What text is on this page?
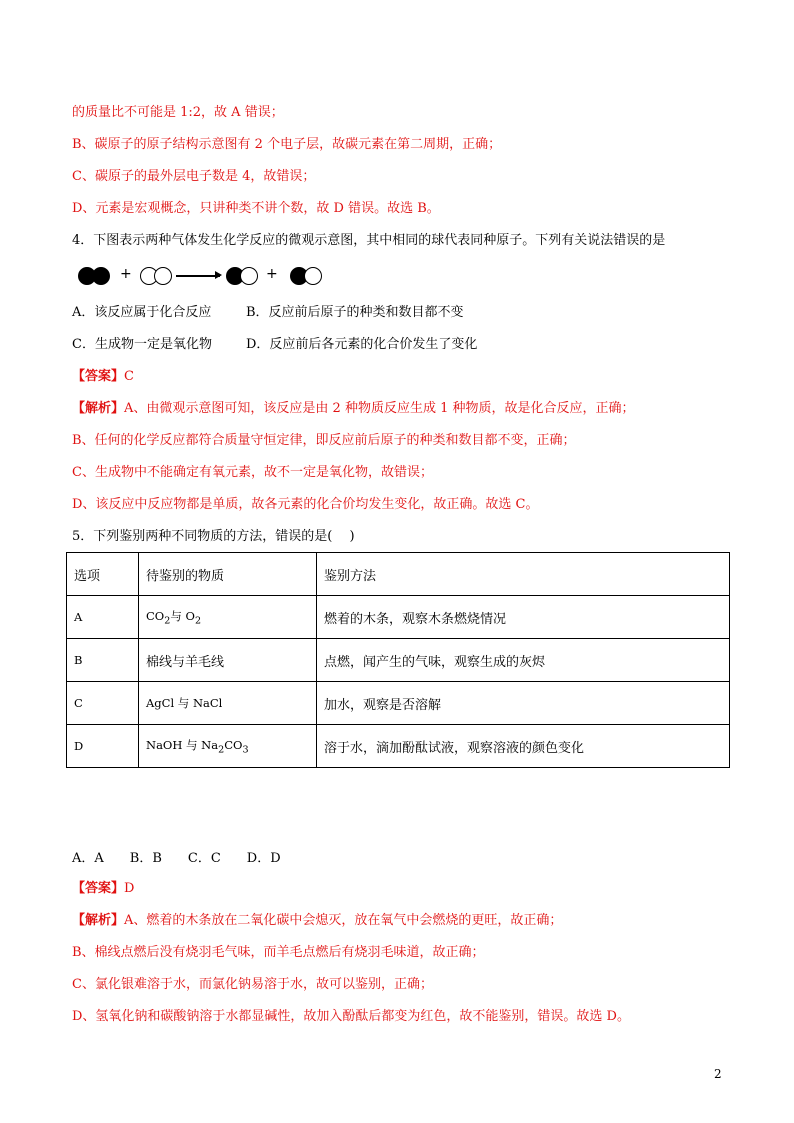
的质量比不可能是 1:2，故 A 错误；
B、碳原子的原子结构示意图有 2 个电子层，故碳元素在第二周期，正确；
C、碳原子的最外层电子数是 4，故错误；
D、元素是宏观概念，只讲种类不讲个数，故 D 错误。故选 B。
4．下图表示两种气体发生化学反应的微观示意图，其中相同的球代表同种原子。下列有关说法错误的是
+	+
A．该反应属于化合反应	B．反应前后原子的种类和数目都不变
C．生成物一定是氧化物	D．反应前后各元素的化合价发生了变化
【答案】C
【解析】A、由微观示意图可知，该反应是由 2 种物质反应生成 1 种物质，故是化合反应，正确；
B、任何的化学反应都符合质量守恒定律，即反应前后原子的种类和数目都不变，正确；
C、生成物中不能确定有氧元素，故不一定是氧化物，故错误；
D、该反应中反应物都是单质，故各元素的化合价均发生变化，故正确。故选 C。
5．下列鉴别两种不同物质的方法，错误的是(　 )
选项	待鉴别的物质	鉴别方法
A	$CO_2$与 $O_2$	燃着的木条，观察木条燃烧情况
B	棉线与羊毛线	点燃，闻产生的气味，观察生成的灰烬
C	AgCl 与 NaCl	加水，观察是否溶解
D	NaOH 与 $Na_2CO_3$	溶于水，滴加酚酞试液，观察溶液的颜色变化
A．A　　B．B　　C．C　　D．D
【答案】D
【解析】A、燃着的木条放在二氧化碳中会熄灭，放在氧气中会燃烧的更旺，故正确；
B、棉线点燃后没有烧羽毛气味，而羊毛点燃后有烧羽毛味道，故正确；
C、氯化银难溶于水，而氯化钠易溶于水，故可以鉴别，正确；
D、氢氧化钠和碳酸钠溶于水都显碱性，故加入酚酞后都变为红色，故不能鉴别，错误。故选 D。
2
